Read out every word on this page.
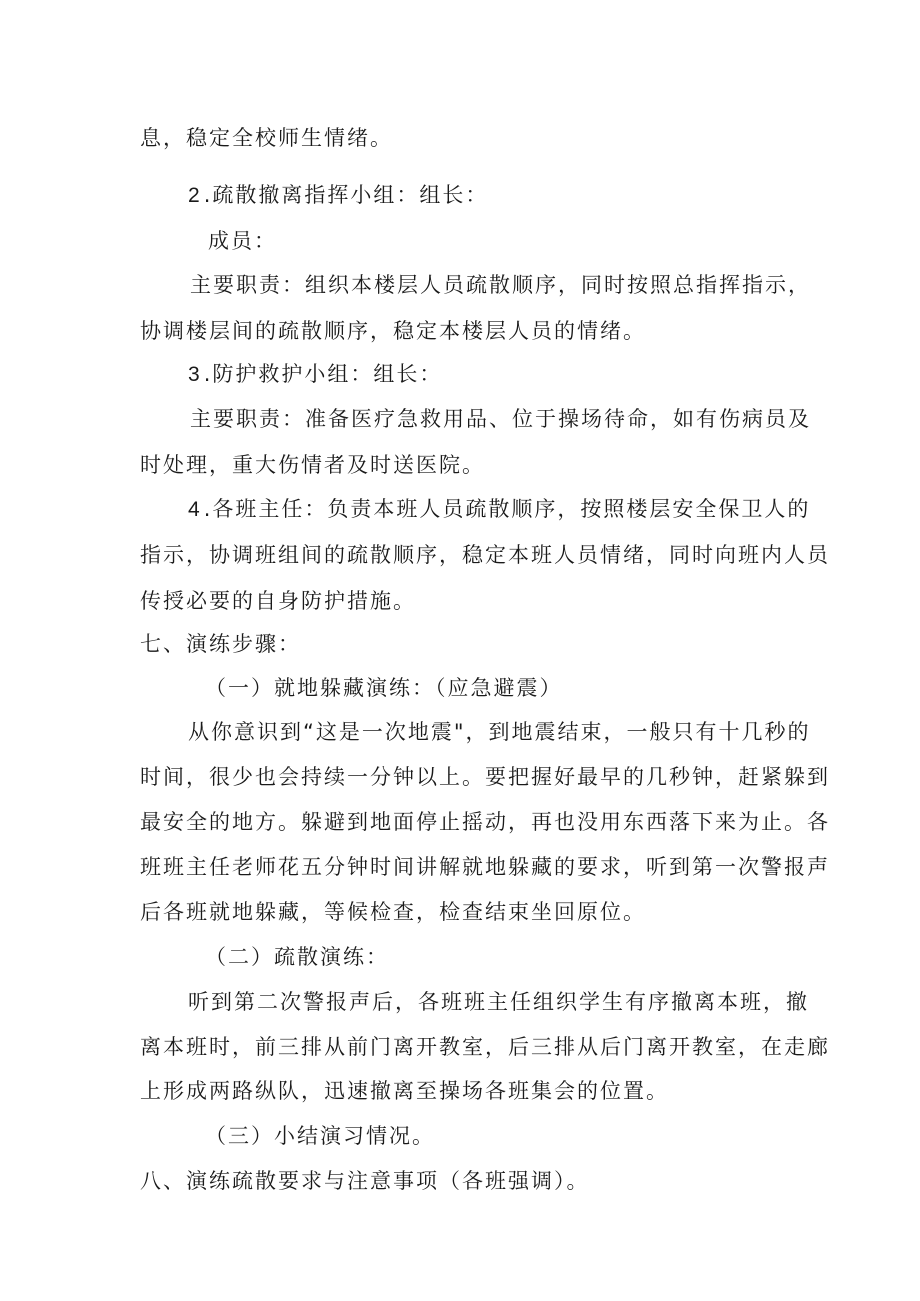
息，稳定全校师生情绪。
2 .疏散撤离指挥小组：组长：
成员：
主要职责：组织本楼层人员疏散顺序，同时按照总指挥指示，
协调楼层间的疏散顺序，稳定本楼层人员的情绪。
3 .防护救护小组：组长：
主要职责：准备医疗急救用品、位于操场待命，如有伤病员及
时处理，重大伤情者及时送医院。
4 .各班主任：负责本班人员疏散顺序，按照楼层安全保卫人的
指示，协调班组间的疏散顺序，稳定本班人员情绪，同时向班内人员
传授必要的自身防护措施。
七、演练步骤：
（一）就地躲藏演练：（应急避震）
从你意识到“这是一次地震"，到地震结束，一般只有十几秒的
时间，很少也会持续一分钟以上。要把握好最早的几秒钟，赶紧躲到
最安全的地方。躲避到地面停止摇动，再也没用东西落下来为止。各
班班主任老师花五分钟时间讲解就地躲藏的要求，听到第一次警报声
后各班就地躲藏，等候检查，检查结束坐回原位。
（二）疏散演练：
听到第二次警报声后，各班班主任组织学生有序撤离本班，撤
离本班时，前三排从前门离开教室，后三排从后门离开教室，在走廊
上形成两路纵队，迅速撤离至操场各班集会的位置。
（三）小结演习情况。
八、演练疏散要求与注意事项（各班强调）。
